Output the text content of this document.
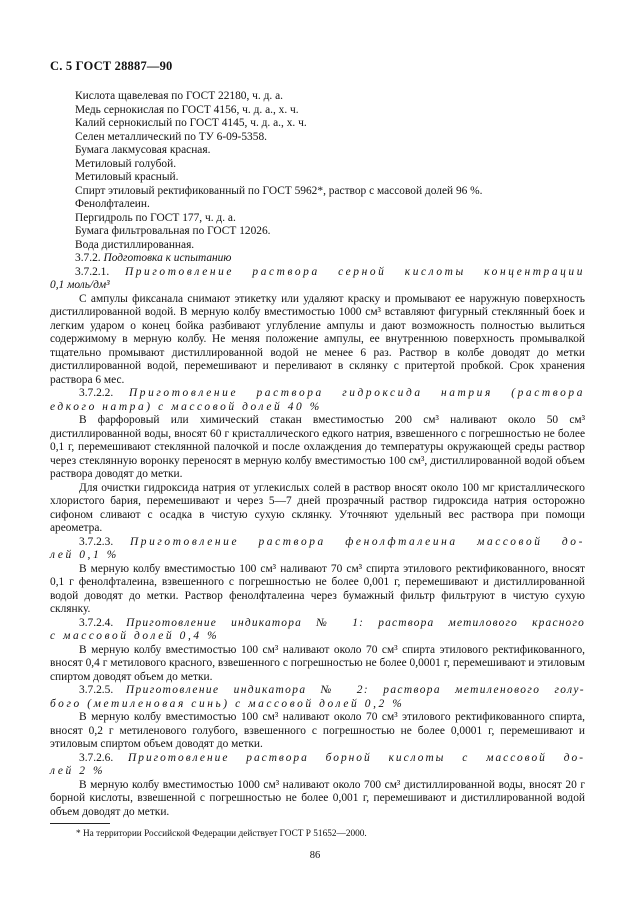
С. 5 ГОСТ 28887—90
Кислота щавелевая по ГОСТ 22180, ч. д. а.
Медь сернокислая по ГОСТ 4156, ч. д. а., х. ч.
Калий сернокислый по ГОСТ 4145, ч. д. а., х. ч.
Селен металлический по ТУ 6-09-5358.
Бумага лакмусовая красная.
Метиловый голубой.
Метиловый красный.
Спирт этиловый ректификованный по ГОСТ 5962*, раствор с массовой долей 96 %.
Фенолфталеин.
Пергидроль по ГОСТ 177, ч. д. а.
Бумага фильтровальная по ГОСТ 12026.
Вода дистиллированная.
3.7.2. Подготовка к испытанию
3.7.2.1. Приготовление раствора серной кислоты концентрации
0,1 моль/дм³

С ампулы фиксанала снимают этикетку или удаляют краску и промывают ее наружную поверхность дистиллированной водой. В мерную колбу вместимостью 1000 см³ вставляют фигурный стеклянный боек и легким ударом о конец бойка разбивают углубление ампулы и дают возможность полностью вылиться содержимому в мерную колбу. Не меняя положение ампулы, ее внутреннюю поверхность промывалкой тщательно промывают дистиллированной водой не менее 6 раз. Раствор в колбе доводят до метки дистиллированной водой, перемешивают и переливают в склянку с притертой пробкой. Срок хранения раствора 6 мес.

3.7.2.2. Приготовление раствора гидроксида натрия (раствора
едкого натра) с массовой долей 40 %

В фарфоровый или химический стакан вместимостью 200 см³ наливают около 50 см³ дистиллированной воды, вносят 60 г кристаллического едкого натрия, взвешенного с погрешностью не более 0,1 г, перемешивают стеклянной палочкой и после охлаждения до температуры окружающей среды раствор через стеклянную воронку переносят в мерную колбу вместимостью 100 см³, дистиллированной водой объем раствора доводят до метки.

Для очистки гидроксида натрия от углекислых солей в раствор вносят около 100 мг кристаллического хлористого бария, перемешивают и через 5—7 дней прозрачный раствор гидроксида натрия осторожно сифоном сливают с осадка в чистую сухую склянку. Уточняют удельный вес раствора при помощи ареометра.

3.7.2.3. Приготовление раствора фенолфталеина массовой до-
лей 0,1 %

В мерную колбу вместимостью 100 см³ наливают 70 см³ спирта этилового ректификованного, вносят 0,1 г фенолфталеина, взвешенного с погрешностью не более 0,001 г, перемешивают и дистиллированной водой доводят до метки. Раствор фенолфталеина через бумажный фильтр фильтруют в чистую сухую склянку.

3.7.2.4. Приготовление индикатора № 1: раствора метилового красного
с массовой долей 0,4 %

В мерную колбу вместимостью 100 см³ наливают около 70 см³ спирта этилового ректификованного, вносят 0,4 г метилового красного, взвешенного с погрешностью не более 0,0001 г, перемешивают и этиловым спиртом доводят объем до метки.

3.7.2.5. Приготовление индикатора № 2: раствора метиленового голу-
бого (метиленовая синь) с массовой долей 0,2 %

В мерную колбу вместимостью 100 см³ наливают около 70 см³ этилового ректификованного спирта, вносят 0,2 г метиленового голубого, взвешенного с погрешностью не более 0,0001 г, перемешивают и этиловым спиртом объем доводят до метки.

3.7.2.6. Приготовление раствора борной кислоты с массовой до-
лей 2 %

В мерную колбу вместимостью 1000 см³ наливают около 700 см³ дистиллированной воды, вносят 20 г борной кислоты, взвешенной с погрешностью не более 0,001 г, перемешивают и дистиллированной водой объем доводят до метки.

* На территории Российской Федерации действует ГОСТ Р 51652—2000.
86
